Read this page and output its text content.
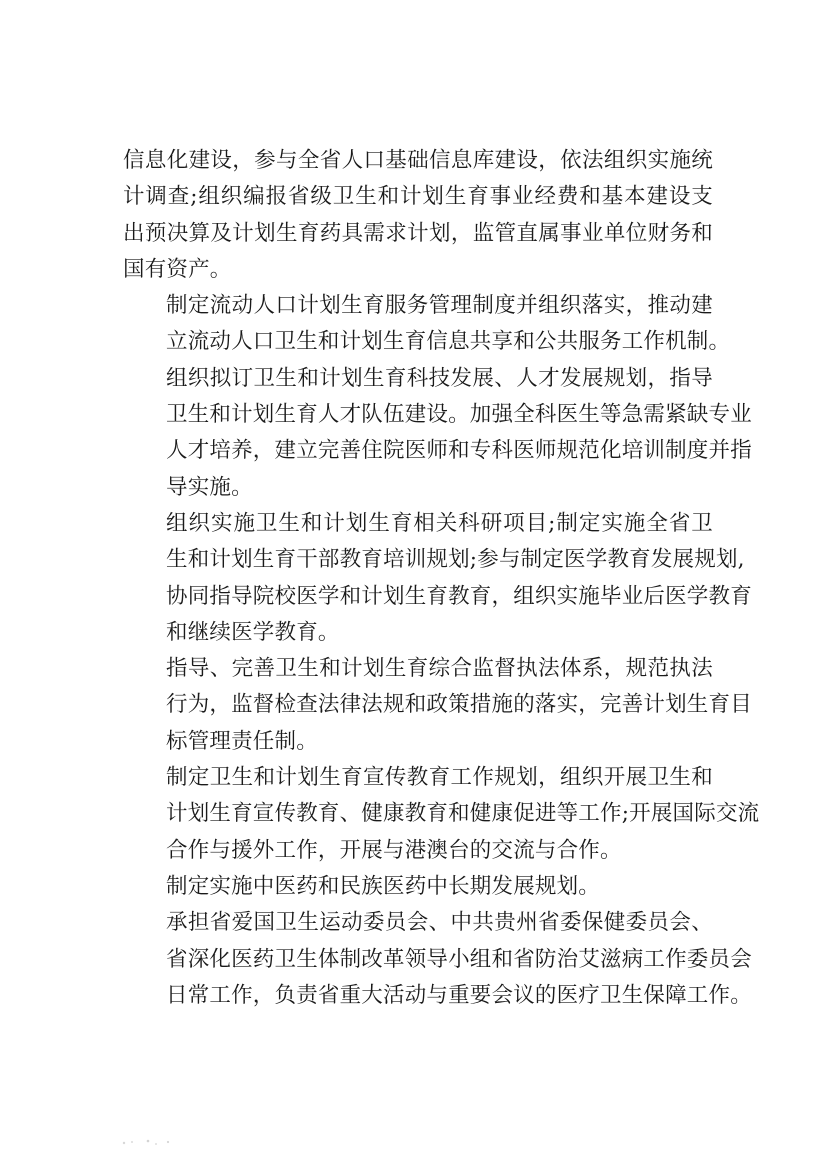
信息化建设，参与全省人口基础信息库建设，依法组织实施统
计调查;组织编报省级卫生和计划生育事业经费和基本建设支
出预决算及计划生育药具需求计划，监管直属事业单位财务和
国有资产。
制定流动人口计划生育服务管理制度并组织落实，推动建
立流动人口卫生和计划生育信息共享和公共服务工作机制。
组织拟订卫生和计划生育科技发展、人才发展规划，指导
卫生和计划生育人才队伍建设。加强全科医生等急需紧缺专业
人才培养，建立完善住院医师和专科医师规范化培训制度并指
导实施。
组织实施卫生和计划生育相关科研项目;制定实施全省卫
生和计划生育干部教育培训规划;参与制定医学教育发展规划,
协同指导院校医学和计划生育教育，组织实施毕业后医学教育
和继续医学教育。
指导、完善卫生和计划生育综合监督执法体系，规范执法
行为，监督检查法律法规和政策措施的落实，完善计划生育目
标管理责任制。
制定卫生和计划生育宣传教育工作规划，组织开展卫生和
计划生育宣传教育、健康教育和健康促进等工作;开展国际交流
合作与援外工作，开展与港澳台的交流与合作。
制定实施中医药和民族医药中长期发展规划。
承担省爱国卫生运动委员会、中共贵州省委保健委员会、
省深化医药卫生体制改革领导小组和省防治艾滋病工作委员会
日常工作，负责省重大活动与重要会议的医疗卫生保障工作。
